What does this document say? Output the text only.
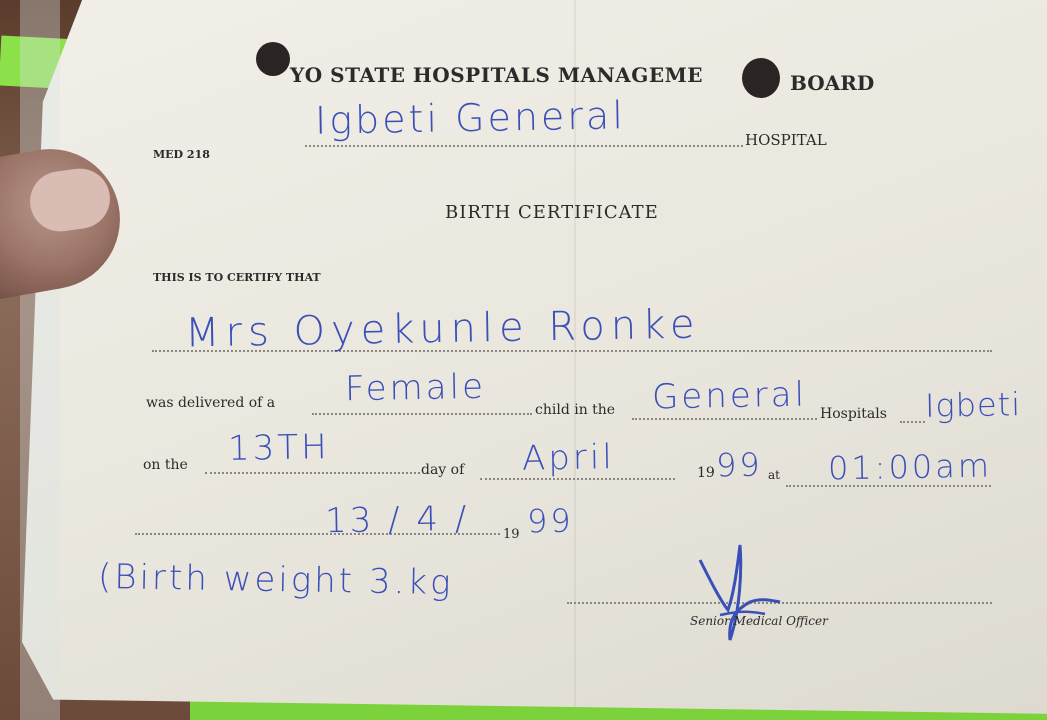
YO STATE HOSPITALS MANAGEME	BOARD
MED 218
Igbeti General	HOSPITAL
BIRTH CERTIFICATE
THIS IS TO CERTIFY THAT
Mrs Oyekunle Ronke
was delivered of a Female
child in the General Hospitals Igbeti
on the 13TH
day of April	19 99 at 01:00am
13 / 4 /	19 99
(Birth weight 3.kg
Senior Medical Officer
